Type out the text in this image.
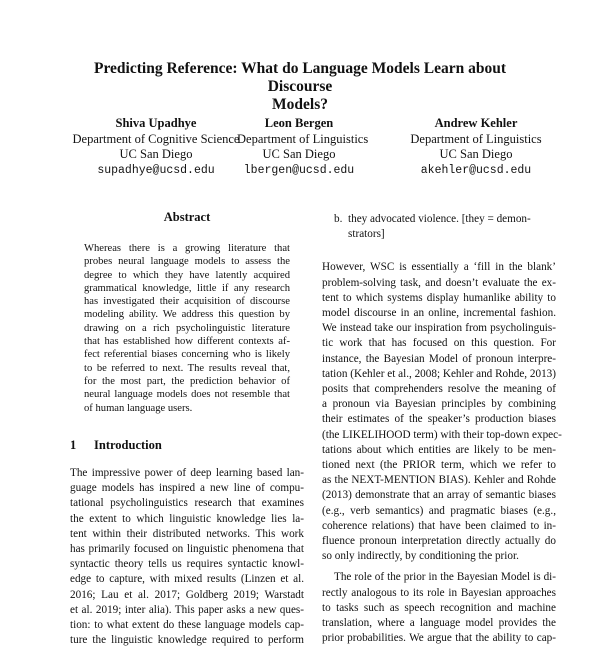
Predicting Reference: What do Language Models Learn about Discourse
Models?
Shiva Upadhye
Department of Cognitive Science
UC San Diego
supadhye@ucsd.edu
Leon Bergen
Department of Linguistics
UC San Diego
lbergen@ucsd.edu
Andrew Kehler
Department of Linguistics
UC San Diego
akehler@ucsd.edu
Abstract
Whereas there is a growing literature that
probes neural language models to assess the
degree to which they have latently acquired
grammatical knowledge, little if any research
has investigated their acquisition of discourse
modeling ability. We address this question by
drawing on a rich psycholinguistic literature
that has established how different contexts af-
fect referential biases concerning who is likely
to be referred to next. The results reveal that,
for the most part, the prediction behavior of
neural language models does not resemble that
of human language users.
1 Introduction
The impressive power of deep learning based lan-
guage models has inspired a new line of compu-
tational psycholinguistics research that examines
the extent to which linguistic knowledge lies la-
tent within their distributed networks. This work
has primarily focused on linguistic phenomena that
syntactic theory tells us requires syntactic knowl-
edge to capture, with mixed results (Linzen et al.
2016; Lau et al. 2017; Goldberg 2019; Warstadt
et al. 2019; inter alia). This paper asks a new ques-
tion: to what extent do these language models cap-
ture the linguistic knowledge required to perform
b. they advocated violence. [they = demon-
strators]
However, WSC is essentially a ‘fill in the blank’
problem-solving task, and doesn’t evaluate the ex-
tent to which systems display humanlike ability to
model discourse in an online, incremental fashion.
We instead take our inspiration from psycholinguis-
tic work that has focused on this question. For
instance, the Bayesian Model of pronoun interpre-
tation (Kehler et al., 2008; Kehler and Rohde, 2013)
posits that comprehenders resolve the meaning of
a pronoun via Bayesian principles by combining
their estimates of the speaker’s production biases
(the LIKELIHOOD term) with their top-down expec-
tations about which entities are likely to be men-
tioned next (the PRIOR term, which we refer to
as the NEXT-MENTION BIAS). Kehler and Rohde
(2013) demonstrate that an array of semantic biases
(e.g., verb semantics) and pragmatic biases (e.g.,
coherence relations) that have been claimed to in-
fluence pronoun interpretation directly actually do
so only indirectly, by conditioning the prior.
The role of the prior in the Bayesian Model is di-
rectly analogous to its role in Bayesian approaches
to tasks such as speech recognition and machine
translation, where a language model provides the
prior probabilities. We argue that the ability to cap-
